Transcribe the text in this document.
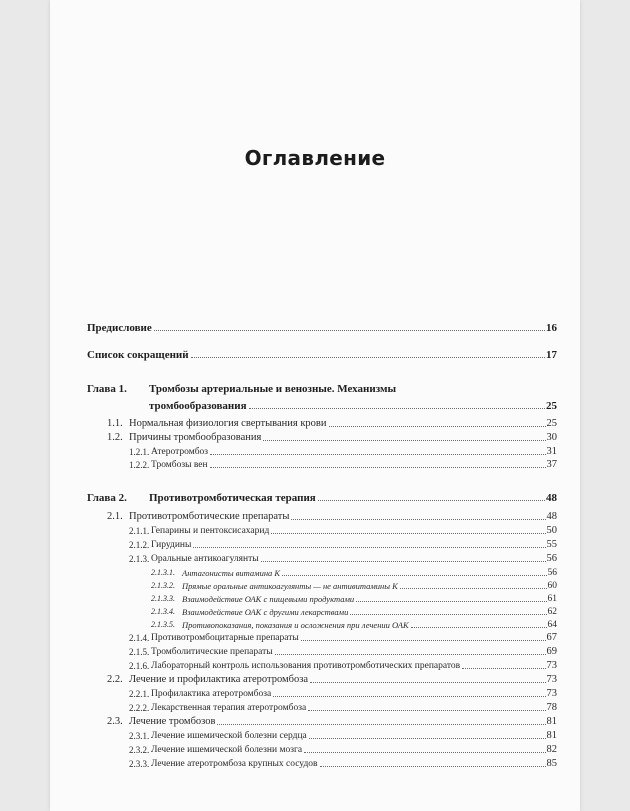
Оглавление
Предисловие	16
Список сокращений	17
Глава 1. Тромбозы артериальные и венозные. Механизмы
тромбообразования	25
1.1. Нормальная физиология свертывания крови	25
1.2. Причины тромбообразования	30
1.2.1. Атеротромбоз	31
1.2.2. Тромбозы вен	37
Глава 2.	Противотромботическая терапия	48
2.1. Противотромботические препараты	48
2.1.1. Гепарины и пентоксисахарид	50
2.1.2. Гирудины	55
2.1.3. Оральные антикоагулянты	56
2.1.3.1. Антагонисты витамина К	56
2.1.3.2. Прямые оральные антикоагулянты — не антивитамины К	60
2.1.3.3. Взаимодействие ОАК с пищевыми продуктами	61
2.1.3.4. Взаимодействие ОАК с другими лекарствами	62
2.1.3.5. Противопоказания, показания и осложнения при лечении ОАК	64
2.1.4. Противотромбоцитарные препараты	67
2.1.5. Тромболитические препараты	69
2.1.6. Лабораторный контроль использования противотромботических препаратов	73
2.2. Лечение и профилактика атеротромбоза	73
2.2.1. Профилактика атеротромбоза	73
2.2.2. Лекарственная терапия атеротромбоза	78
2.3. Лечение тромбозов	81
2.3.1. Лечение ишемической болезни сердца	81
2.3.2. Лечение ишемической болезни мозга	82
2.3.3. Лечение атеротромбоза крупных сосудов	85
